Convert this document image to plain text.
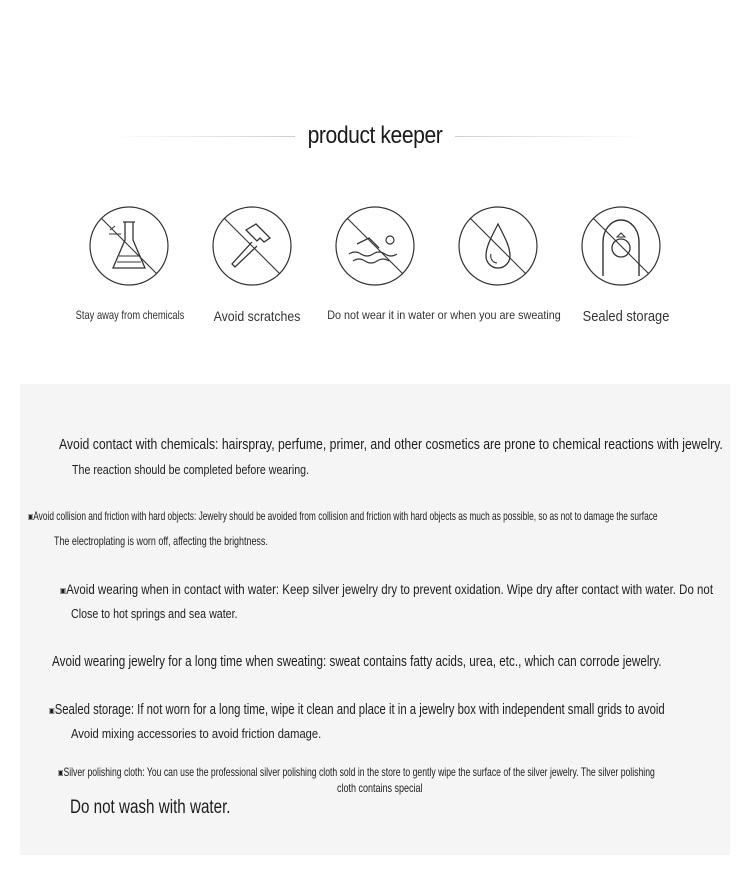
product keeper
Stay away from chemicals	Avoid scratches	Do not wear it in water or when you are sweating	Sealed storage
Avoid contact with chemicals: hairspray, perfume, primer, and other cosmetics are prone to chemical reactions with jewelry.
The reaction should be completed before wearing.
▣Avoid collision and friction with hard objects: Jewelry should be avoided from collision and friction with hard objects as much as possible, so as not to damage the surface
The electroplating is worn off, affecting the brightness.
▣Avoid wearing when in contact with water: Keep silver jewelry dry to prevent oxidation. Wipe dry after contact with water. Do not
Close to hot springs and sea water.
Avoid wearing jewelry for a long time when sweating: sweat contains fatty acids, urea, etc., which can corrode jewelry.
▣Sealed storage: If not worn for a long time, wipe it clean and place it in a jewelry box with independent small grids to avoid
Avoid mixing accessories to avoid friction damage.
▣Silver polishing cloth: You can use the professional silver polishing cloth sold in the store to gently wipe the surface of the silver jewelry. The silver polishing
cloth contains special
Do not wash with water.
